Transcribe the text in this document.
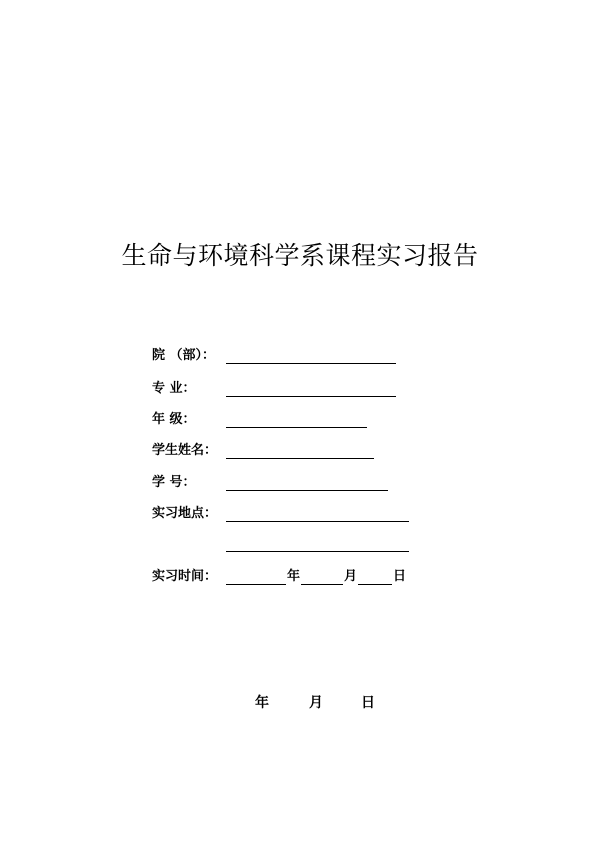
生命与环境科学系课程实习报告
院 （部）：
专 业：
年 级：
学生姓名：
学 号：
实习地点：
实习时间：	年	月	日
年	月	日
